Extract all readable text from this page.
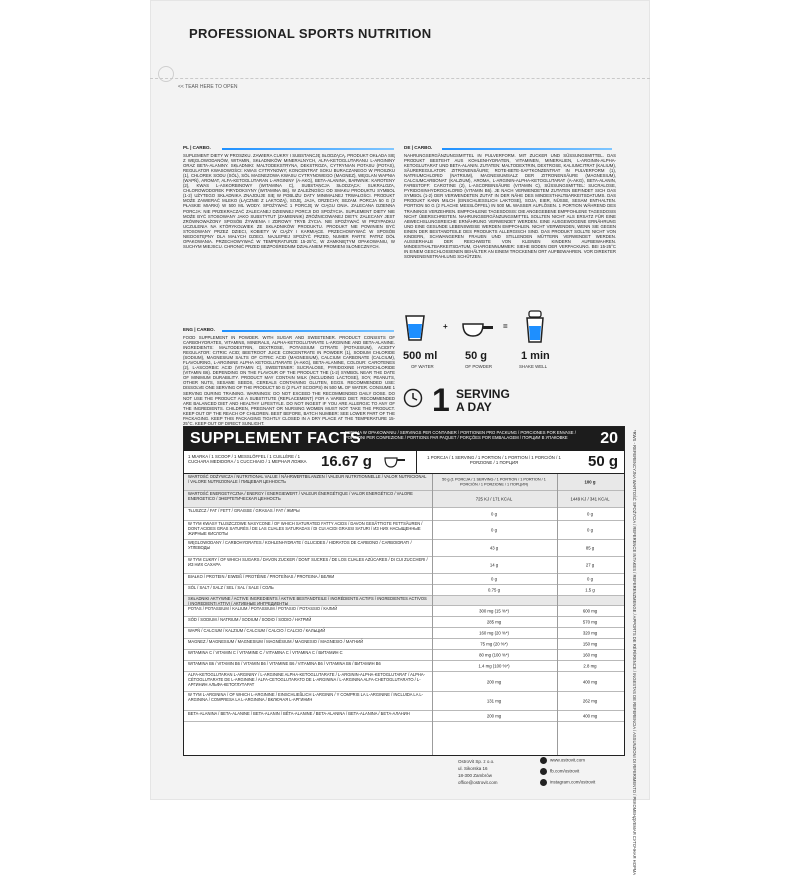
PROFESSIONAL SPORTS NUTRITION
<< TEAR HERE TO OPEN
PL | CARBO.
SUPLEMENT DIETY W PROSZKU. ZAWIERA CUKRY I SUBSTANCJĘ SŁODZĄCĄ. PRODUKT OKŁADA SIĘ Z WĘGLOWODANÓW, WITAMIN, SKŁADNIKÓW MINERALNYCH, ALFA-KETOGLUTARANU L-ARGININY ORAZ BETA-ALANINY. SKŁADNIKI: MALTODEKSTRYNA, DEKSTROZA, CYTRYNIAN POTASU (POTAS), REGULATOR KWASOWOŚCI: KWAS CYTRYNOWY; KONCENTRAT SOKU BURACZANEGO W PROSZKU (1), CHLOREK SODU (SÓL), SÓL MAGNEZOWA KWASU CYTRYNOWEGO (MAGNEZ), WĘGLAN WAPNIA (WAPŃ), AROMAT, ALFA-KETOGLUTARAN L-ARGININY (A-AKG), BETA-ALANINA, BARWNIK: KAROTENY (2), KWAS L-ASKORBINOWY (WITAMINA C), SUBSTANCJA SŁODZĄCA: SUKRALOZA, CHLOROWODOREK PIRYDOKSYNY (WITAMINA B6). W ZALEŻNOŚCI OD SMAKU PRODUKTU SYMBOL (1-2) UŻYTEGO SKŁADNIKA ZNAJDUJE SIĘ W POBLIŻU DATY MINIMALNEJ TRWAŁOŚCI. PRODUKT MOŻE ZAWIERAĆ MLEKO (ŁĄCZNIE Z LAKTOZĄ), SOJĘ, JAJA, ORZECHY, SEZAM. PORCJA 50 G (2 PŁASKIE MIARKI) W 500 ML WODY. SPOŻYWAĆ 1 PORCJĘ W CIĄGU DNIA. ZALECANA DZIENNA PORCJA: NIE PRZEKRACZAĆ ZALECANEJ DZIENNEJ PORCJI DO SPOŻYCIA. SUPLEMENT DIETY NIE MOŻE BYĆ STOSOWANY JAKO SUBSTYTUT (ZAMIENNIK) ZRÓŻNICOWANEJ DIETY. ZALECANY JEST ZRÓWNOWAŻONY SPOSÓB ŻYWIENIA I ZDROWY TRYB ŻYCIA. NIE SPOŻYWAĆ W PRZYPADKU UCZULENIA NA KTÓRYKOLWIEK ZE SKŁADNIKÓW PRODUKTU. PRODUKT NIE POWINIEN BYĆ STOSOWANY PRZEZ DZIECI, KOBIETY W CIĄŻY I KARMIĄCE. PRZECHOWYWAĆ W SPOSÓB NIEDOSTĘPNY DLA MAŁYCH DZIECI. NAJLEPIEJ SPOŻYĆ PRZED, NUMER PARTII: PATRZ DÓŁ OPAKOWANIA. PRZECHOWYWAĆ W TEMPERATURZE 15-25°C, W ZAMKNIĘTYM OPAKOWANIU, W SUCHYM MIEJSCU. CHRONIĆ PRZED BEZPOŚREDNIM DZIAŁANIEM PROMIENI SŁONECZNYCH.
DE | CARBO.
NAHRUNGSERGÄNZUNGSMITTEL IN PULVERFORM. MIT ZUCKER UND SÜSSUNGSMITTEL. DAS PRODUKT BESTEHT AUS KOHLENHYDRATEN, VITAMINEN, MINERALIEN, L-ARGININ-ALPHA-KETOGLUTARAT UND BETA-ALANIN. ZUTATEN: MALTODEXTRIN, DEXTROSE, KALIUMCITRAT (KALIUM), SÄUREREGULATOR: ZITRONENSÄURE; ROTE-BETE-SAFTKONZENTRAT IN PULVERFORM (1), NATRIUMCHLORID (NATRIUM), MAGNESIUMSALZ DER ZITRONENSÄURE (MAGNESIUM), CALCIUMCARBONAT (KALZIUM), AROMA, L-ARGININ-ALPHA-KETOGLUTARAT (A-AKG), BETA-ALANIN, FARBSTOFF: CAROTINE (2), L-ASCORBINSÄURE (VITAMIN C), SÜSSUNGSMITTEL: SUCRALOSE, PYRIDOXINHYDROCHLORID (VITAMIN B6). JE NACH VERWENDETEM ZUTATEN BEFINDET SICH DAS SYMBOL (1-2) DER VERWENDETEN ZUTAT IN DER NÄHE DES MINDESTHALTBARKEITSDATUMS. DAS PRODUKT KANN MILCH (EINSCHLIESSLICH LAKTOSE), SOJA, EIER, NÜSSE, SESAM ENTHALTEN. PORTION 50 G (2 FLACHE MESSLÖFFEL) IN 500 ML WASSER AUFLÖSEN. 1 PORTION WÄHREND DES TRAININGS VERZEHREN. EMPFOHLENE TAGESDOSIS: DIE ANGEGEBENE EMPFOHLENE TAGESDOSIS NICHT ÜBERSCHREITEN. NAHRUNGSERGÄNZUNGSMITTEL SOLLTEN NICHT ALS ERSATZ FÜR EINE ABWECHSLUNGSREICHE ERNÄHRUNG VERWENDET WERDEN. EINE AUSGEWOGENE ERNÄHRUNG UND EINE GESUNDE LEBENSWEISE WERDEN EMPFOHLEN. NICHT VERWENDEN, WENN SIE GEGEN EINEN DER BESTANDTEILE DES PRODUKTS ALLERGISCH SIND. DAS PRODUKT SOLLTE NICHT VON KINDERN, SCHWANGEREN FRAUEN UND STILLENDEN MÜTTERN VERWENDET WERDEN. AUSSERHALB DER REICHWEITE VON KLEINEN KINDERN AUFBEWAHREN. MINDESTHALTBARKEITSDATUM, CHARGENNUMMER: SIEHE BODEN DER VERPACKUNG. BEI 15-25°C IN EINEM GESCHLOSSENEN BEHÄLTER AN EINEM TROCKENEN ORT AUFBEWAHREN. VOR DIREKTER SONNENEINSTRAHLUNG SCHÜTZEN.
ENG | CARBO.
FOOD SUPPLEMENT IN POWDER. WITH SUGAR AND SWEETENER. PRODUCT CONSISTS OF CARBOHYDRATES, VITAMINS, MINERALS, ALPHA-KETOGLUTARATE L-ARGININE AND BETA-ALANINE. INGREDIENTS: MALTODEXTRIN, DEXTROSE, POTASSIUM CITRATE (POTASSIUM), ACIDITY REGULATOR: CITRIC ACID; BEETROOT JUICE CONCENTRATE IN POWDER (1), SODIUM CHLORIDE (SODIUM), MAGNESIUM SALTS OF CITRIC ACID (MAGNESIUM), CALCIUM CARBONATE (CALCIUM), FLAVOURING, L-ARGININE ALPHA KETOGLUTARATE (A-AKG), BETA-ALANINE, COLOUR: CAROTENES (2), L-ASCORBIC ACID (VITAMIN C), SWEETENER: SUCRALOSE, PYRIDOXINE HYDROCHLORIDE (VITAMIN B6). DEPENDING ON THE FLAVOUR OF THE PRODUCT THE (1-2) SYMBOL NEAR THE DATE OF MINIMUM DURABILITY. PRODUCT MAY CONTAIN MILK (INCLUDING LACTOSE), SOY, PEANUTS, OTHER NUTS, SESAME SEEDS, CEREALS CONTAINING GLUTEN, EGGS. RECOMMENDED USE: DISSOLVE ONE SERVING OF THE PRODUCT 50 G (2 FLAT SCOOPS) IN 500 ML OF WATER. CONSUME 1 SERVING DURING TRAINING. WARNINGS: DO NOT EXCEED THE RECOMMENDED DAILY DOSE. DO NOT USE THE PRODUCT AS A SUBSTITUTE (REPLACEMENT) FOR A VARIED DIET. RECOMMENDED ARE BALANCED DIET AND HEALTHY LIFESTYLE. DO NOT INGEST IF YOU ARE ALLERGIC TO ANY OF THE INGREDIENTS. CHILDREN, PREGNANT OR NURSING WOMEN MUST NOT TAKE THE PRODUCT. KEEP OUT OF THE REACH OF CHILDREN. BEST BEFORE, BATCH NUMBER: SEE LOWER PART OF THE PACKAGING. KEEP THIS PACKAGING TIGHTLY CLOSED IN A DRY PLACE AT THE TEMPERATURE 15-25°C. KEEP OUT OF DIRECT SUNLIGHT.
+	=
500 ml
OF WATER
50 g
OF POWDER
1 min
SHAKE WELL
1 SERVING
A DAY
SUPPLEMENT FACTS
PORCJA W OPAKOWANIU / SERVINGS PER CONTAINER / PORTIONEN PRO PACKUNG / PORCIONES POR ENVASE / PORZIONI PER CONFEZIONE / PORTIONS PAR PAQUET / PORÇÕES POR EMBALAGEM / ПОРЦИИ В УПАКОВКЕ	20
1 MIARKA / 1 SCOOP / 1 MESSLÖFFEL / 1 CUILLÈRE / 1 CUCHARA MEDIDORA / 1 CUCCHIAIO / 1 МЕРНАЯ ЛОЖКА 16.67 g	1 PORCJA / 1 SERVING / 1 PORTION / 1 PORTION / 1 PORCIÓN / 1 PORZIONE / 1 ПОРЦИЯ	50 g
WARTOŚĆ ODŻYWCZA / NUTRITIONAL VALUE / NÄHRWERTBILANZEN / VALEUR NUTRITIONNELLE / VALOR NUTRICIONAL / VALORE NUTRIZIONALE / ПИЩЕВАЯ ЦЕННОСТЬ	50 g (1 PORCJA / 1 SERVING / 1 PORTION / 1 PORTION / 1 PORCIÓN / 1 PORZIONE / 1 ПОРЦИЯ)	100 g
WARTOŚĆ ENERGETYCZNA / ENERGY / ENERGIEWERT / VALEUR ÉNERGÉTIQUE / VALOR ENERGÉTICO / VALORE ENERGETICO / ЭНЕРГЕТИЧЕСКАЯ ЦЕННОСТЬ	725 KJ / 171 KCAL	1449 KJ / 341 KCAL
TŁUSZCZ / FAT / FETT / GRAISSE / GRASAS / FAT / ЖИРЫ
0 g	0 g
W TYM KWASY TŁUSZCZOWE NASYCONE / OF WHICH SATURATED FATTY ACIDS / DAVON GESÄTTIGTE FETTSÄUREN / DONT ACIDES GRAS SATURÉS / DE LAS CUALES SATURADAS / DI CUI ACIDI GRASSI SATURI / ИЗ НИХ НАСЫЩЕННЫЕ ЖИРНЫЕ КИСЛОТЫ
0 g	0 g
WĘGLOWODANY / CARBOHYDRATES / KOHLENHYDRATE / GLUCIDES / HIDRATOS DE CARBONO / CARBOIDRATI / УГЛЕВОДЫ	43 g	85 g
W TYM CUKRY / OF WHICH SUGARS / DAVON ZUCKER / DONT SUCRES / DE LOS CUALES AZÚCARES / DI CUI ZUCCHERI / ИЗ НИХ САХАРА	14 g	27 g
BIAŁKO / PROTEIN / EIWEIß / PROTÉINE / PROTEÍNAS / PROTEINA / БЕЛКИ	0 g	0 g
SÓL / SALT / SALZ / SEL / SAL / SALE / СОЛЬ	0.75 g	1.5 g
SKŁADNIKI AKTYWNE / ACTIVE INGREDIENTS / AKTIVE BESTANDTEILE / INGRÉDIENTS ACTIFS / INGREDIENTES ACTIVOS / INGREDIENTI ATTIVI / АКТИВНЫЕ ИНГРЕДИЕНТЫ
POTAS / POTASSIUM / KALIUM / POTASSIUM / POTASIO / POTASSIO / КАЛИЙ	300 mg (15 %*)	600 mg
SÓD / SODIUM / NATRIUM / SODIUM / SODIO / SODIO / НАТРИЙ	285 mg	570 mg
WAPŃ / CALCIUM / KALZIUM / CALCIUM / CALCIO / CALCIO / КАЛЬЦИЙ	160 mg (20 %*)	320 mg
MAGNEZ / MAGNESIUM / MAGNESIUM / MAGNÉSIUM / MAGNESIO / MAGNESIO / МАГНИЙ	75 mg (20 %*)	150 mg
WITAMINA C / VITAMIN C / VITAMINE C / VITAMINA C / VITAMINA C / ВИТАМИН C	80 mg (100 %*)	160 mg
WITAMINA B6 / VITAMIN B6 / VITAMIN B6 / VITAMINE B6 / VITAMINA B6 / VITAMINA B6 / ВИТАМИН B6	1.4 mg (100 %*)	2.8 mg
ALFA-KETOGLUTARAN L-ARGININY / L-ARGININE ALPHA-KETOGLUTARATE / L-ARGININ-ALPHA-KETOGLUTARAT / ALPHA-CÉTOGLUTARATE DE L-ARGININE / ALFA-CETOGLUTARATO DE L-ARGININA / L-ARGININA ALFA-CHETOGLUTARATO / L-АРГИНИН АЛЬФА-КЕТОГЛУТАРАТ
200 mg	400 mg
W TYM L-ARGININA / OF WHICH L-ARGININE / EINSCHLIEßLICH L-ARGININ / Y COMPRIS LA L-ARGININE / INCLUIDA LA L-ARGININA / COMPRESA LA L-ARGININA / ВКЛЮЧАЯ L-АРГИНИН	131 mg	262 mg
BETA-ALANINA / BETA-ALANINE / BETA-ALANIN / BÊTA-ALANINE / BETA-ALANINA / BETA-ALANINA / БЕТА-АЛАНИН	200 mg	400 mg	*RWS - REFERENCYJNA WARTOŚĆ SPOŻYCIA / REFERENCE INTAKES / REFERENZMENGE / APPORTS DE RÉFÉRENCE / INGESTAS DE REFERENCIA / ASSUNZIONI DI RIFERIMENTO / РЕКОМЕНДУЕМАЯ СУТОЧНАЯ НОРМА
OstroVit Sp. z o.o.
ul. Sikorska 16
18-300 Zambrów
office@ostrovit.com
www.ostrovit.com
fb.com/ostrovit
instagram.com/ostrovit
